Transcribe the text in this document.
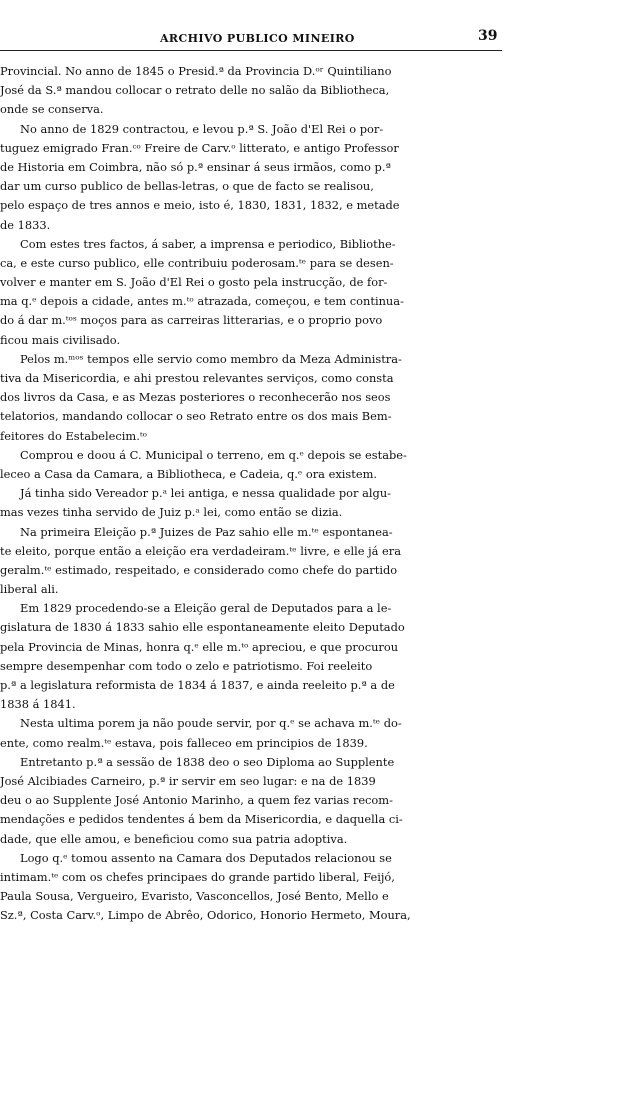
ARCHIVO PUBLICO MINEIRO	39
Provincial. No anno de 1845 o Presid.ª da Provincia D.ᵒʳ Quintiliano
José da S.ª mandou collocar o retrato delle no salão da Bibliotheca,
onde se conserva.
No anno de 1829 contractou, e levou p.ª S. João d'El Rei o por-
tuguez emigrado Fran.ᶜᵒ Freire de Carv.ᵒ litterato, e antigo Professor
de Historia em Coimbra, não só p.ª ensinar á seus irmãos, como p.ª
dar um curso publico de bellas-letras, o que de facto se realisou,
pelo espaço de tres annos e meio, isto é, 1830, 1831, 1832, e metade
de 1833.
Com estes tres factos, á saber, a imprensa e periodico, Bibliothe-
ca, e este curso publico, elle contribuiu poderosam.ᵗᵉ para se desen-
volver e manter em S. João d'El Rei o gosto pela instrucção, de for-
ma q.ᵉ depois a cidade, antes m.ᵗᵒ atrazada, começou, e tem continua-
do á dar m.ᵗᵒˢ moços para as carreiras litterarias, e o proprio povo
ficou mais civilisado.
Pelos m.ᵐᵒˢ tempos elle servio como membro da Meza Administra-
tiva da Misericordia, e ahi prestou relevantes serviços, como consta
dos livros da Casa, e as Mezas posteriores o reconhecerão nos seos
telatorios, mandando collocar o seo Retrato entre os dos mais Bem-
feitores do Estabelecim.ᵗᵒ
Comprou e doou á C. Municipal o terreno, em q.ᵉ depois se estabe-
leceo a Casa da Camara, a Bibliotheca, e Cadeia, q.ᵉ ora existem.
Já tinha sido Vereador p.ᵃ lei antiga, e nessa qualidade por algu-
mas vezes tinha servido de Juiz p.ᵃ lei, como então se dizia.
Na primeira Eleição p.ª Juizes de Paz sahio elle m.ᵗᵉ espontanea-
te eleito, porque então a eleição era verdadeiram.ᵗᵉ livre, e elle já era
geralm.ᵗᵉ estimado, respeitado, e considerado como chefe do partido
liberal ali.
Em 1829 procedendo-se a Eleição geral de Deputados para a le-
gislatura de 1830 á 1833 sahio elle espontaneamente eleito Deputado
pela Provincia de Minas, honra q.ᵉ elle m.ᵗᵒ apreciou, e que procurou
sempre desempenhar com todo o zelo e patriotismo. Foi reeleito
p.ª a legislatura reformista de 1834 á 1837, e ainda reeleito p.ª a de
1838 á 1841.
Nesta ultima porem ja não poude servir, por q.ᵉ se achava m.ᵗᵉ do-
ente, como realm.ᵗᵉ estava, pois falleceo em principios de 1839.
Entretanto p.ª a sessão de 1838 deo o seo Diploma ao Supplente
José Alcibiades Carneiro, p.ª ir servir em seo lugar: e na de 1839
deu o ao Supplente José Antonio Marinho, a quem fez varias recom-
mendações e pedidos tendentes á bem da Misericordia, e daquella ci-
dade, que elle amou, e beneficiou como sua patria adoptiva.
Logo q.ᵉ tomou assento na Camara dos Deputados relacionou se
intimam.ᵗᵉ com os chefes principaes do grande partido liberal, Feijó,
Paula Sousa, Vergueiro, Evaristo, Vasconcellos, José Bento, Mello e
Sz.ª, Costa Carv.ᵒ, Limpo de Abrêo, Odorico, Honorio Hermeto, Moura,
